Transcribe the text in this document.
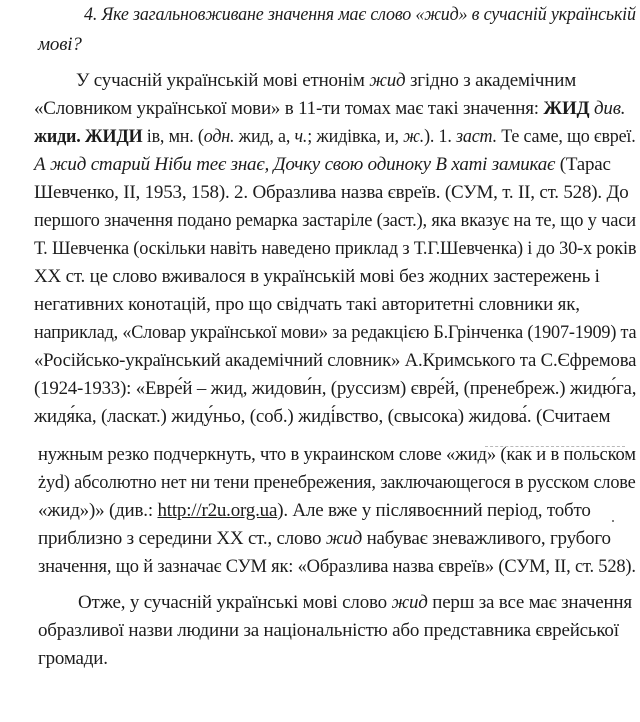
4. Яке загальновживане значення має слово «жид» в сучасній українській
мові?
У сучасній українській мові етнонім жид згідно з академічним
«Словником української мови» в 11-ти томах має такі значення: ЖИД див.
жиди. ЖИДИ ів, мн. (одн. жид, а, ч.; жидівка, и, ж.). 1. заст. Те саме, що євреї.
А жид старий Ніби теє знає, Дочку свою одиноку В хаті замикає (Тарас
Шевченко, II, 1953, 158). 2. Образлива назва євреїв. (СУМ, т. II, ст. 528). До
першого значення подано ремарка застаріле (заст.), яка вказує на те, що у часи
Т. Шевченка (оскільки навіть наведено приклад з Т.Г.Шевченка) і до 30-х років
XX ст. це слово вживалося в українській мові без жодних застережень і
негативних конотацій, про що свідчать такі авторитетні словники як,
наприклад, «Словар української мови» за редакцією Б.Грінченка (1907-1909) та
«Російсько-український академічний словник» А.Кримського та С.Єфремова
(1924-1933): «Евре́й – жид, жидови́н, (руссизм) євре́й, (пренебреж.) жидю́га,
жидя́ка, (ласкат.) жиду́ньо, (соб.) жиді́вство, (свысока) жидова́. (Считаем
нужным резко подчеркнуть, что в украинском слове «жид» (как и в польском
żyd) абсолютно нет ни тени пренебрежения, заключающегося в русском слове
«жид»)» (див.: http://r2u.org.ua). Але вже у післявоєнний період, тобто
приблизно з середини XX ст., слово жид набуває зневажливого, грубого
значення, що й зазначає СУМ як: «Образлива назва євреїв» (СУМ, II, ст. 528).
Отже, у сучасній українські мові слово жид перш за все має значення
образливої назви людини за національністю або представника єврейської
громади.
